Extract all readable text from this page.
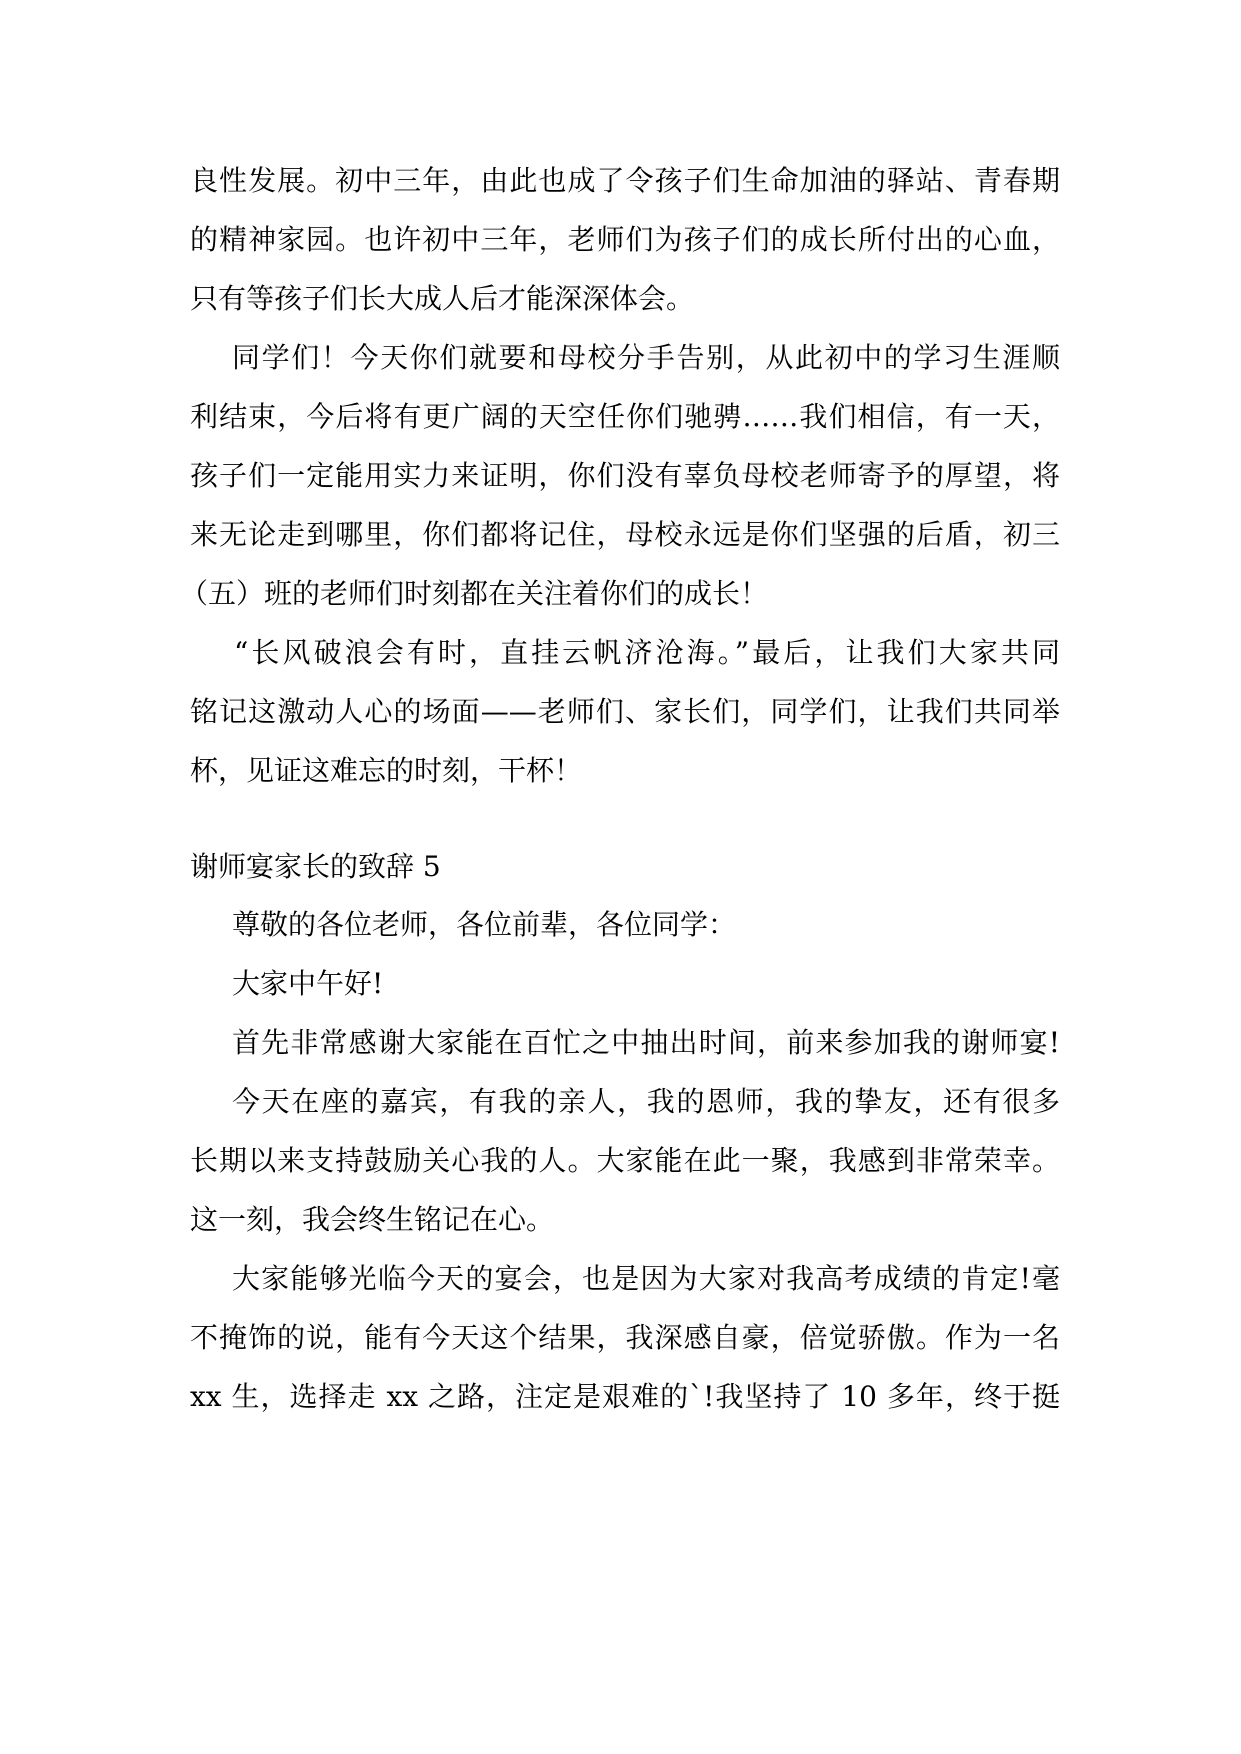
良性发展。初中三年，由此也成了令孩子们生命加油的驿站、青春期
的精神家园。也许初中三年，老师们为孩子们的成长所付出的心血，
只有等孩子们长大成人后才能深深体会。
同学们！今天你们就要和母校分手告别，从此初中的学习生涯顺
利结束，今后将有更广阔的天空任你们驰骋……我们相信，有一天，
孩子们一定能用实力来证明，你们没有辜负母校老师寄予的厚望，将
来无论走到哪里，你们都将记住，母校永远是你们坚强的后盾，初三
（五）班的老师们时刻都在关注着你们的成长！
“长风破浪会有时，直挂云帆济沧海。”最后，让我们大家共同
铭记这激动人心的场面——老师们、家长们，同学们，让我们共同举
杯，见证这难忘的时刻，干杯！
谢师宴家长的致辞 5
尊敬的各位老师，各位前辈，各位同学：
大家中午好!
首先非常感谢大家能在百忙之中抽出时间，前来参加我的谢师宴!
今天在座的嘉宾，有我的亲人，我的恩师，我的挚友，还有很多
长期以来支持鼓励关心我的人。大家能在此一聚，我感到非常荣幸。
这一刻，我会终生铭记在心。
大家能够光临今天的宴会，也是因为大家对我高考成绩的肯定!毫
不掩饰的说，能有今天这个结果，我深感自豪，倍觉骄傲。作为一名
xx 生，选择走 xx 之路，注定是艰难的`!我坚持了 10 多年，终于挺
